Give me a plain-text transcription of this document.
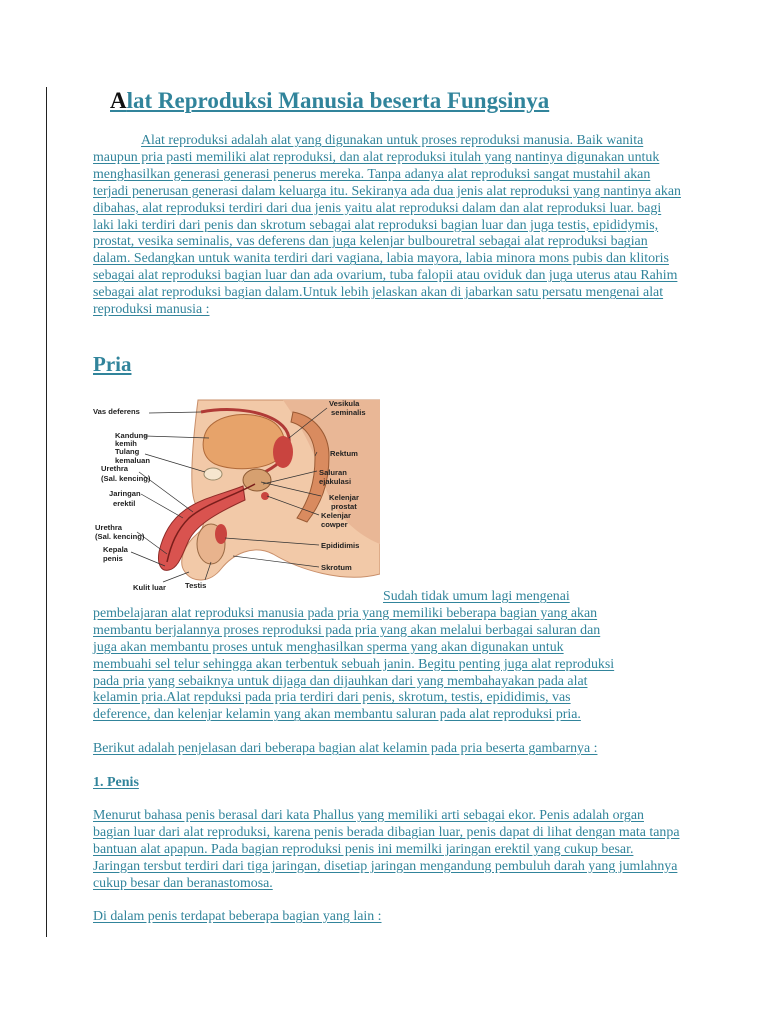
Alat Reproduksi Manusia beserta Fungsinya

Alat reproduksi adalah alat yang digunakan untuk proses reproduksi manusia. Baik wanita maupun pria pasti memiliki alat reproduksi, dan alat reproduksi itulah yang nantinya digunakan untuk menghasilkan generasi generasi penerus mereka. Tanpa adanya alat reproduksi sangat mustahil akan terjadi penerusan generasi dalam keluarga itu. Sekiranya ada dua jenis alat reproduksi yang nantinya akan dibahas, alat reproduksi terdiri dari dua jenis yaitu alat reproduksi dalam dan alat reproduksi luar. bagi laki laki terdiri dari penis dan skrotum sebagai alat reproduksi bagian luar dan juga testis, epididymis, prostat, vesika seminalis, vas deferens dan juga kelenjar bulbouretral sebagai alat reproduksi bagian dalam. Sedangkan untuk wanita terdiri dari vagiana, labia mayora, labia minora mons pubis dan klitoris sebagai alat reproduksi bagian luar dan ada ovarium, tuba falopii atau oviduk dan juga uterus atau Rahim sebagai alat reproduksi bagian dalam.Untuk lebih jelaskan akan di jabarkan satu persatu mengenai alat reproduksi manusia :

Pria
Vas deferens
Vesikula
seminalis
Kandung
kemih
Tulang
kemaluan
Urethra
(Sal. kencing)
Rektum
Saluran
ejakulasi
Jaringan
erektil
Kelenjar
prostat
Kelenjar
cowper
Urethra
(Sal. kencing)
Epididimis
Kepala
penis
Skrotum
Kulit luar	Testis
Sudah tidak umum lagi mengenai
pembelajaran alat reproduksi manusia pada pria yang memiliki beberapa bagian yang akan
membantu berjalannya proses reproduksi pada pria yang akan melalui berbagai saluran dan
juga akan membantu proses untuk menghasilkan sperma yang akan digunakan untuk
membuahi sel telur sehingga akan terbentuk sebuah janin. Begitu penting juga alat reproduksi
pada pria yang sebaiknya untuk dijaga dan dijauhkan dari yang membahayakan pada alat
kelamin pria.Alat repduksi pada pria terdiri dari penis, skrotum, testis, epididimis, vas
deference, dan kelenjar kelamin yang akan membantu saluran pada alat reproduksi pria.

Berikut adalah penjelasan dari beberapa bagian alat kelamin pada pria beserta gambarnya :

1. Penis

Menurut bahasa penis berasal dari kata Phallus yang memiliki arti sebagai ekor. Penis adalah organ bagian luar dari alat reproduksi, karena penis berada dibagian luar, penis dapat di lihat dengan mata tanpa bantuan alat apapun. Pada bagian reproduksi penis ini memilki jaringan erektil yang cukup besar. Jaringan tersbut terdiri dari tiga jaringan, disetiap jaringan mengandung pembuluh darah yang jumlahnya cukup besar dan beranastomosa.

Di dalam penis terdapat beberapa bagian yang lain :
